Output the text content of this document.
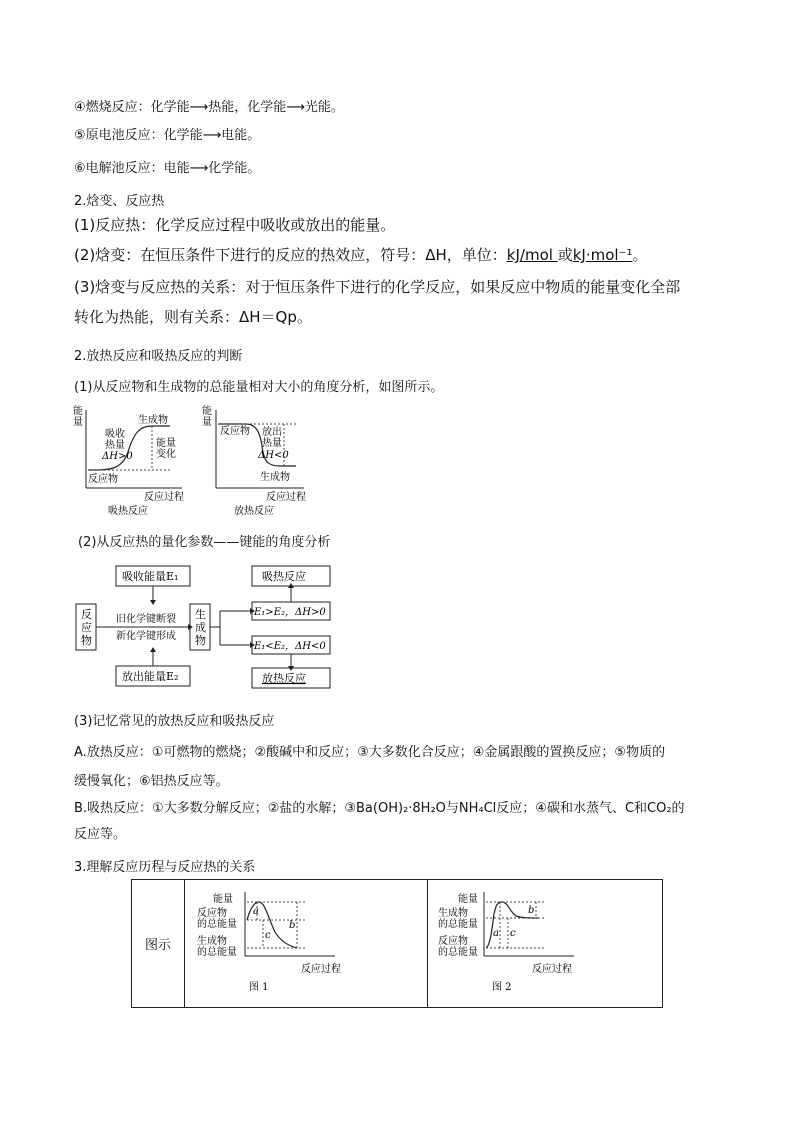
④燃烧反应：化学能⟶热能，化学能⟶光能。
⑤原电池反应：化学能⟶电能。
⑥电解池反应：电能⟶化学能。
2.焓变、反应热
(1)反应热：化学反应过程中吸收或放出的能量。
(2)焓变：在恒压条件下进行的反应的热效应，符号：ΔH，单位：kJ/mol 或kJ·mol⁻¹。
(3)焓变与反应热的关系：对于恒压条件下进行的化学反应，如果反应中物质的能量变化全部
转化为热能，则有关系：ΔH＝Qp。
2.放热反应和吸热反应的判断
(1)从反应物和生成物的总能量相对大小的角度分析，如图所示。
能
量	生成物
吸收
热量
ΔH>0
能量
变化
反应物
反应过程
吸热反应
能
量
反应物 放出
热量
ΔH<0
生成物
反应过程
放热反应
(2)从反应热的量化参数——键能的角度分析
反
应
物
生
成
物
吸收能量E₁
放出能量E₂
旧化学键断裂
新化学键形成
吸热反应
E₁>E₂，ΔH>0
E₁<E₂，ΔH<0
放热反应
(3)记忆常见的放热反应和吸热反应
A.放热反应：①可燃物的燃烧；②酸碱中和反应；③大多数化合反应；④金属跟酸的置换反应；⑤物质的
缓慢氧化；⑥铝热反应等。
B.吸热反应：①大多数分解反应；②盐的水解；③Ba(OH)₂·8H₂O与NH₄Cl反应；④碳和水蒸气、C和CO₂的
反应等。
3.理解反应历程与反应热的关系
图示	
能量
反应物
的总能量
生成物
的总能量
a
c
b
反应过程
图 1

能量
生成物
的总能量
反应物
的总能量
a c
b
反应过程
图 2
